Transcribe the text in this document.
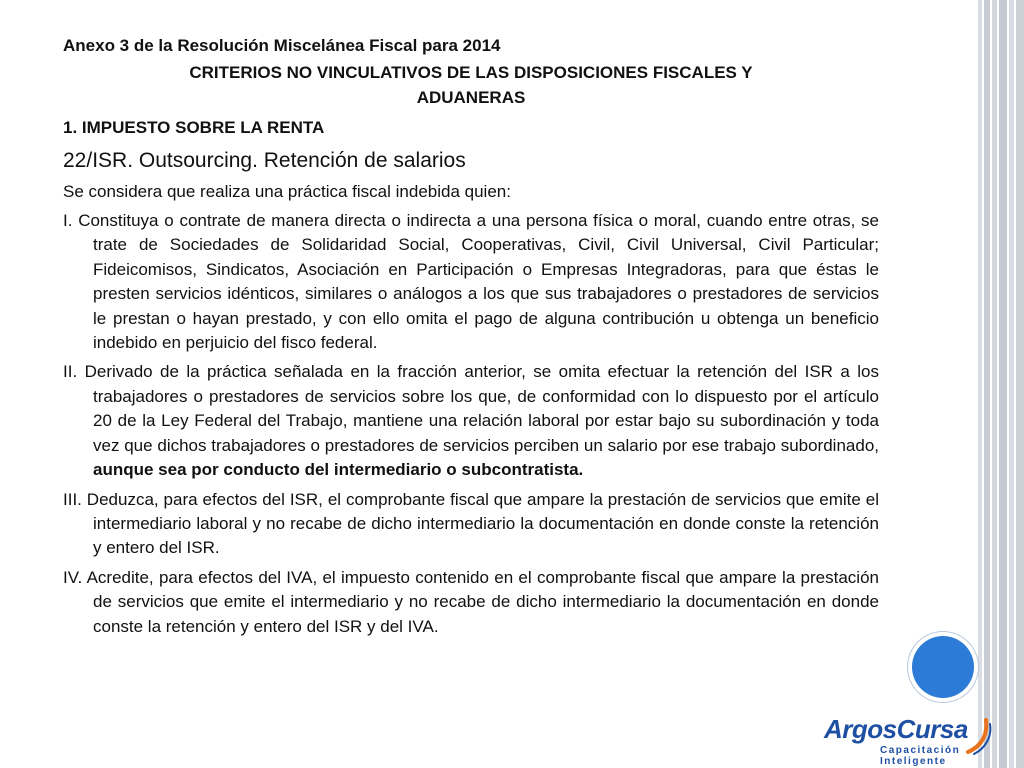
Anexo 3 de la Resolución Miscelánea Fiscal para 2014

CRITERIOS NO VINCULATIVOS DE LAS DISPOSICIONES FISCALES Y

ADUANERAS

1. IMPUESTO SOBRE LA RENTA

22/ISR. Outsourcing. Retención de salarios

Se considera que realiza una práctica fiscal indebida quien:

I. Constituya o contrate de manera directa o indirecta a una persona física o moral, cuando entre otras, se trate de Sociedades de Solidaridad Social, Cooperativas, Civil, Civil Universal, Civil Particular; Fideicomisos, Sindicatos, Asociación en Participación o Empresas Integradoras, para que éstas le presten servicios idénticos, similares o análogos a los que sus trabajadores o prestadores de servicios le prestan o hayan prestado, y con ello omita el pago de alguna contribución u obtenga un beneficio indebido en perjuicio del fisco federal.

II. Derivado de la práctica señalada en la fracción anterior, se omita efectuar la retención del ISR a los trabajadores o prestadores de servicios sobre los que, de conformidad con lo dispuesto por el artículo 20 de la Ley Federal del Trabajo, mantiene una relación laboral por estar bajo su subordinación y toda vez que dichos trabajadores o prestadores de servicios perciben un salario por ese trabajo subordinado, aunque sea por conducto del intermediario o subcontratista.

III. Deduzca, para efectos del ISR, el comprobante fiscal que ampare la prestación de servicios que emite el intermediario laboral y no recabe de dicho intermediario la documentación en donde conste la retención y entero del ISR.

IV. Acredite, para efectos del IVA, el impuesto contenido en el comprobante fiscal que ampare la prestación de servicios que emite el intermediario y no recabe de dicho intermediario la documentación en donde conste la retención y entero del ISR y del IVA.

ArgosCursa
Capacitación
Inteligente
